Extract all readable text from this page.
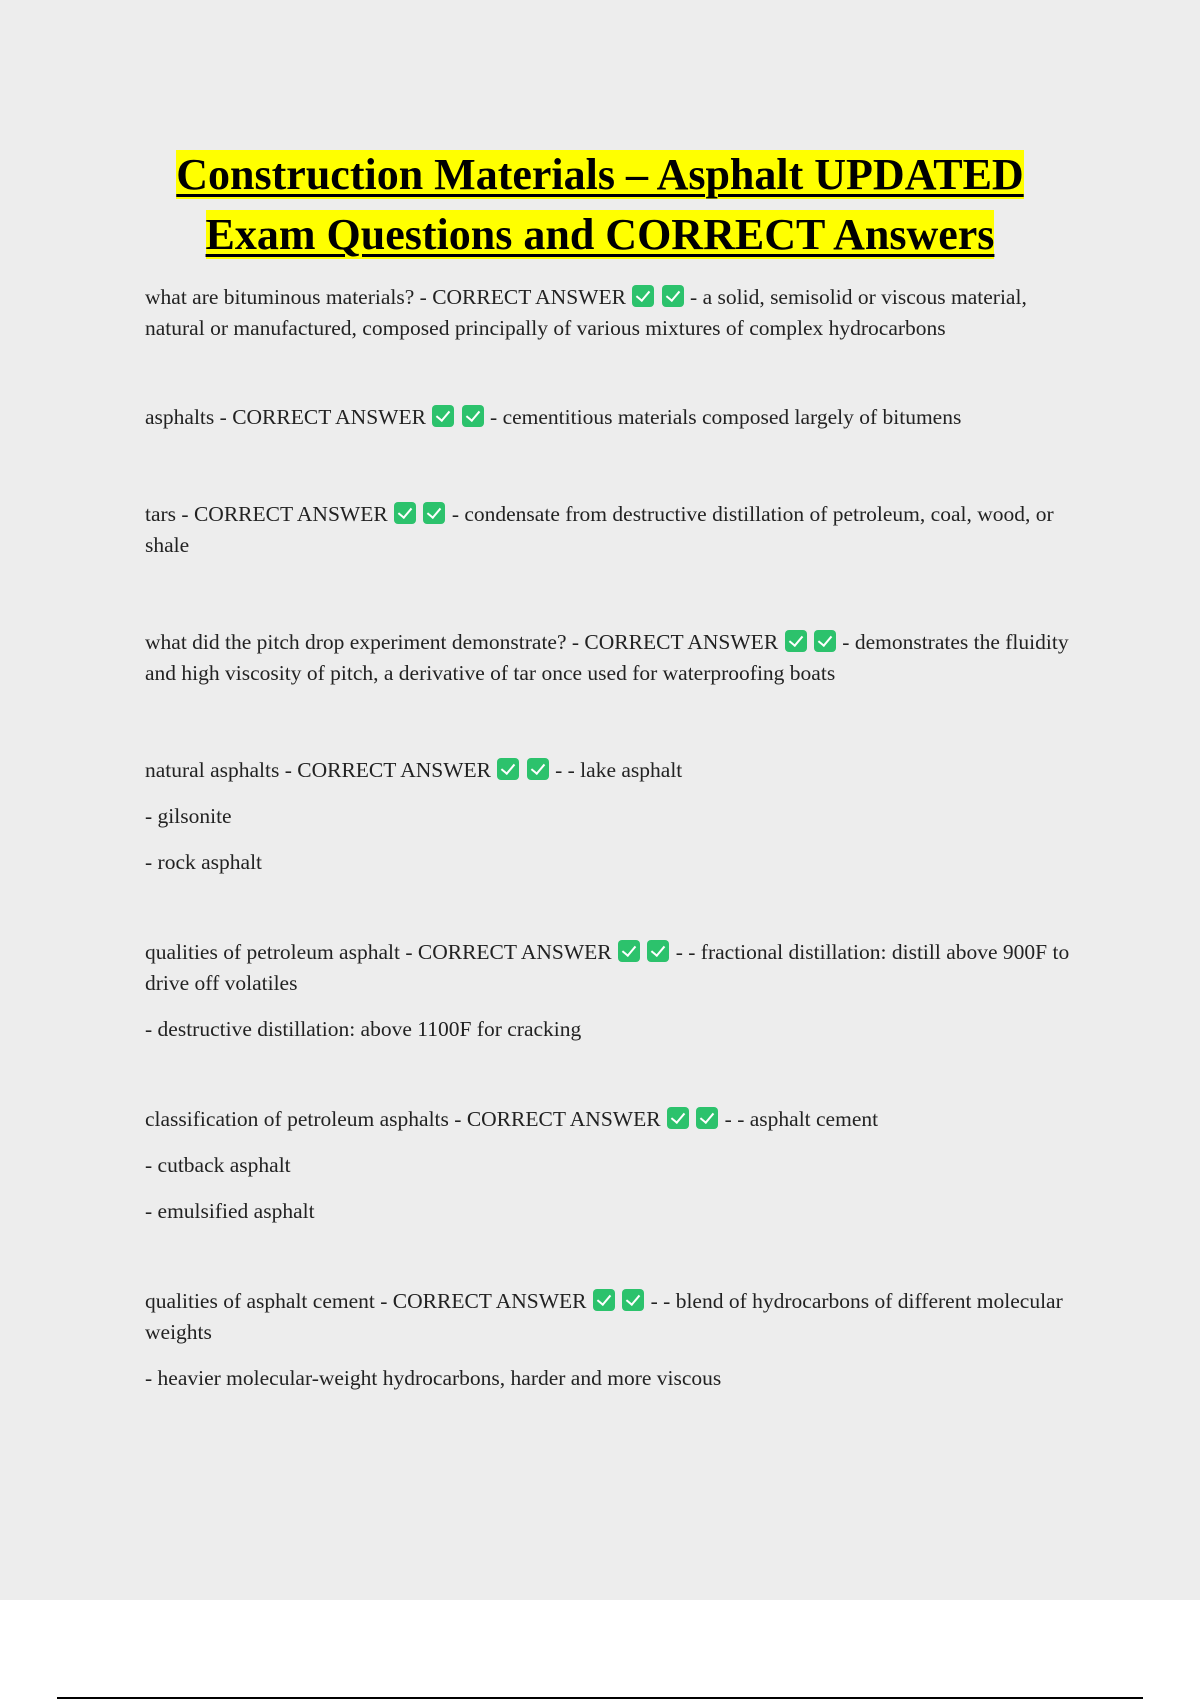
Construction Materials – Asphalt UPDATED
Exam Questions and CORRECT Answers

what are bituminous materials? - CORRECT ANSWER	- a solid, semisolid or viscous material, natural or manufactured, composed principally of various mixtures of complex hydrocarbons

asphalts - CORRECT ANSWER	- cementitious materials composed largely of bitumens

tars - CORRECT ANSWER	- condensate from destructive distillation of petroleum, coal, wood, or shale

what did the pitch drop experiment demonstrate? - CORRECT ANSWER	- demonstrates the fluidity and high viscosity of pitch, a derivative of tar once used for waterproofing boats

natural asphalts - CORRECT ANSWER	- - lake asphalt

- gilsonite

- rock asphalt

qualities of petroleum asphalt - CORRECT ANSWER	- - fractional distillation: distill above 900F to drive off volatiles

- destructive distillation: above 1100F for cracking

classification of petroleum asphalts - CORRECT ANSWER	- - asphalt cement

- cutback asphalt

- emulsified asphalt

qualities of asphalt cement - CORRECT ANSWER	- - blend of hydrocarbons of different molecular weights

- heavier molecular-weight hydrocarbons, harder and more viscous
